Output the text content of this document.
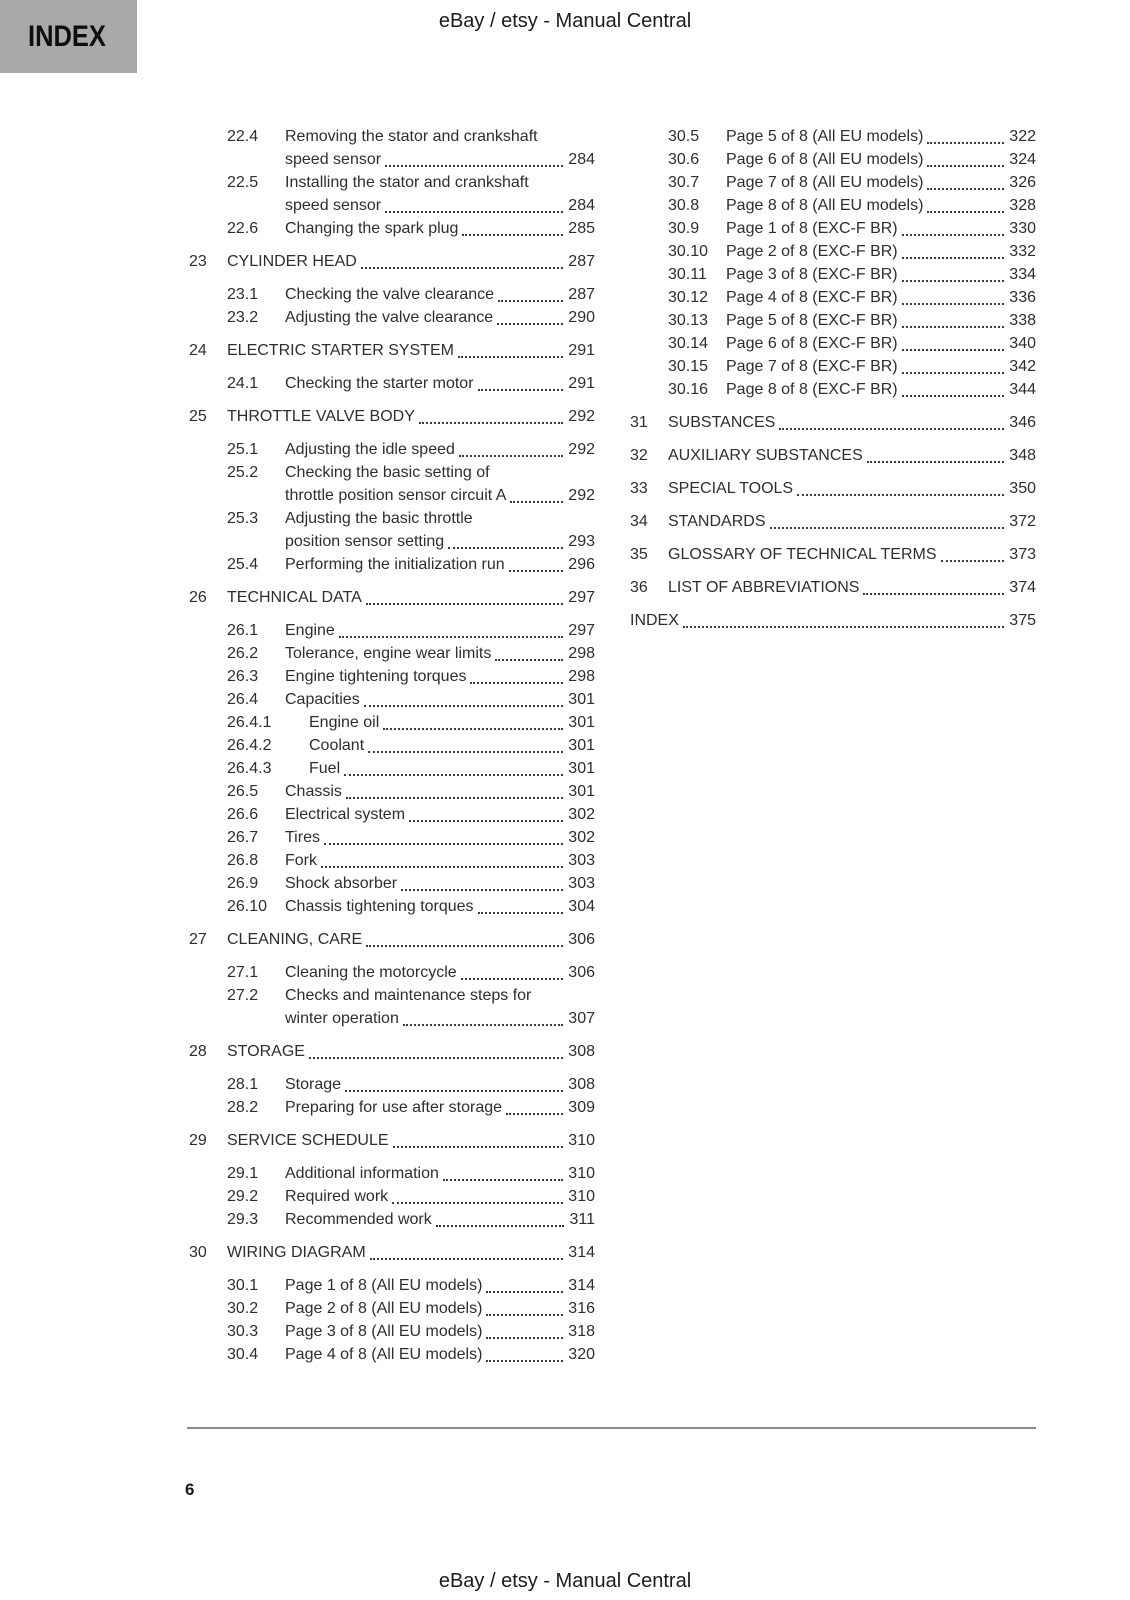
INDEX	eBay / etsy - Manual Central
22.4	Removing the stator and crankshaft
speed sensor	284
22.5	Installing the stator and crankshaft
speed sensor	284
22.6	Changing the spark plug	285
23	CYLINDER HEAD	287
23.1	Checking the valve clearance	287
23.2	Adjusting the valve clearance	290
24	ELECTRIC STARTER SYSTEM	291
24.1	Checking the starter motor	291
25	THROTTLE VALVE BODY	292
25.1	Adjusting the idle speed	292
25.2	Checking the basic setting of
throttle position sensor circuit A	292
25.3	Adjusting the basic throttle
position sensor setting	293
25.4	Performing the initialization run	296
26	TECHNICAL DATA	297
26.1	Engine	297
26.2	Tolerance, engine wear limits	298
26.3	Engine tightening torques	298
26.4	Capacities	301
26.4.1	Engine oil	301
26.4.2	Coolant	301
26.4.3	Fuel	301
26.5	Chassis	301
26.6	Electrical system	302
26.7	Tires	302
26.8	Fork	303
26.9	Shock absorber	303
26.10	Chassis tightening torques	304
27	CLEANING, CARE	306
27.1	Cleaning the motorcycle	306
27.2	Checks and maintenance steps for
winter operation	307
28	STORAGE	308
28.1	Storage	308
28.2	Preparing for use after storage	309
29	SERVICE SCHEDULE	310
29.1	Additional information	310
29.2	Required work	310
29.3	Recommended work	311
30	WIRING DIAGRAM	314
30.1	Page 1 of 8 (All EU models)	314
30.2	Page 2 of 8 (All EU models)	316
30.3	Page 3 of 8 (All EU models)	318
30.4	Page 4 of 8 (All EU models)	320
30.5	Page 5 of 8 (All EU models)	322
30.6	Page 6 of 8 (All EU models)	324
30.7	Page 7 of 8 (All EU models)	326
30.8	Page 8 of 8 (All EU models)	328
30.9	Page 1 of 8 (EXC-F BR)	330
30.10	Page 2 of 8 (EXC-F BR)	332
30.11	Page 3 of 8 (EXC-F BR)	334
30.12	Page 4 of 8 (EXC-F BR)	336
30.13	Page 5 of 8 (EXC-F BR)	338
30.14	Page 6 of 8 (EXC-F BR)	340
30.15	Page 7 of 8 (EXC-F BR)	342
30.16	Page 8 of 8 (EXC-F BR)	344
31	SUBSTANCES	346
32	AUXILIARY SUBSTANCES	348
33	SPECIAL TOOLS	350
34	STANDARDS	372
35	GLOSSARY OF TECHNICAL TERMS	373
36	LIST OF ABBREVIATIONS	374
INDEX	375
6
eBay / etsy - Manual Central
